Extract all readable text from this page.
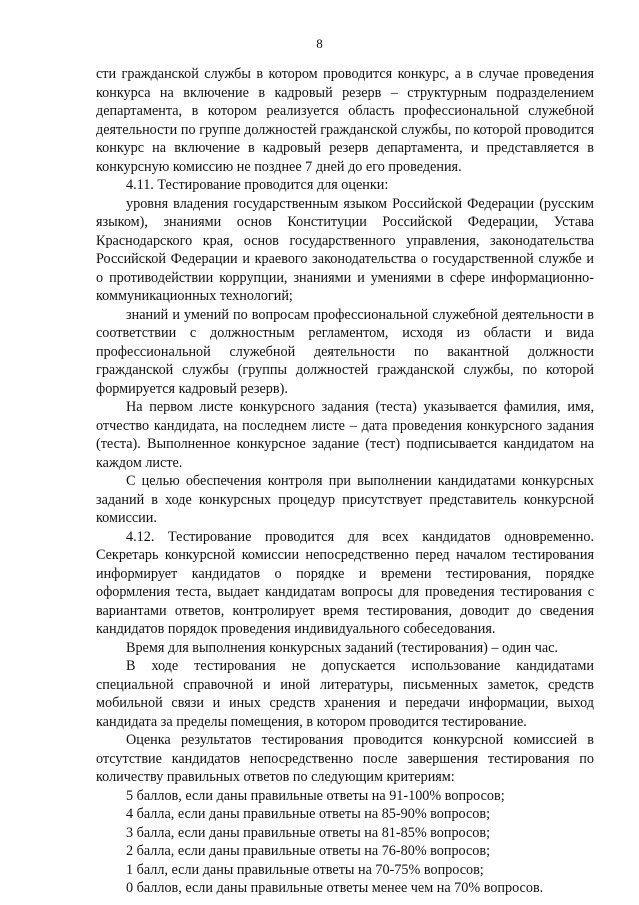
8

сти гражданской службы в котором проводится конкурс, а в случае проведения конкурса на включение в кадровый резерв – структурным подразделением департамента, в котором реализуется область профессиональной служебной деятельности по группе должностей гражданской службы, по которой проводится конкурс на включение в кадровый резерв департамента, и представляется в конкурсную комиссию не позднее 7 дней до его проведения.

4.11. Тестирование проводится для оценки:

уровня владения государственным языком Российской Федерации (русским языком), знаниями основ Конституции Российской Федерации, Устава Краснодарского края, основ государственного управления, законодательства Российской Федерации и краевого законодательства о государственной службе и о противодействии коррупции, знаниями и умениями в сфере информационно-коммуникационных технологий;

знаний и умений по вопросам профессиональной служебной деятельности в соответствии с должностным регламентом, исходя из области и вида профессиональной служебной деятельности по вакантной должности гражданской службы (группы должностей гражданской службы, по которой формируется кадровый резерв).

На первом листе конкурсного задания (теста) указывается фамилия, имя, отчество кандидата, на последнем листе – дата проведения конкурсного задания (теста). Выполненное конкурсное задание (тест) подписывается кандидатом на каждом листе.

С целью обеспечения контроля при выполнении кандидатами конкурсных заданий в ходе конкурсных процедур присутствует представитель конкурсной комиссии.

4.12. Тестирование проводится для всех кандидатов одновременно. Секретарь конкурсной комиссии непосредственно перед началом тестирования информирует кандидатов о порядке и времени тестирования, порядке оформления теста, выдает кандидатам вопросы для проведения тестирования с вариантами ответов, контролирует время тестирования, доводит до сведения кандидатов порядок проведения индивидуального собеседования.

Время для выполнения конкурсных заданий (тестирования) – один час.

В ходе тестирования не допускается использование кандидатами специальной справочной и иной литературы, письменных заметок, средств мобильной связи и иных средств хранения и передачи информации, выход кандидата за пределы помещения, в котором проводится тестирование.

Оценка результатов тестирования проводится конкурсной комиссией в отсутствие кандидатов непосредственно после завершения тестирования по количеству правильных ответов по следующим критериям:

5 баллов, если даны правильные ответы на 91-100% вопросов;

4 балла, если даны правильные ответы на 85-90% вопросов;

3 балла, если даны правильные ответы на 81-85% вопросов;

2 балла, если даны правильные ответы на 76-80% вопросов;

1 балл, если даны правильные ответы на 70-75% вопросов;

0 баллов, если даны правильные ответы менее чем на 70% вопросов.
